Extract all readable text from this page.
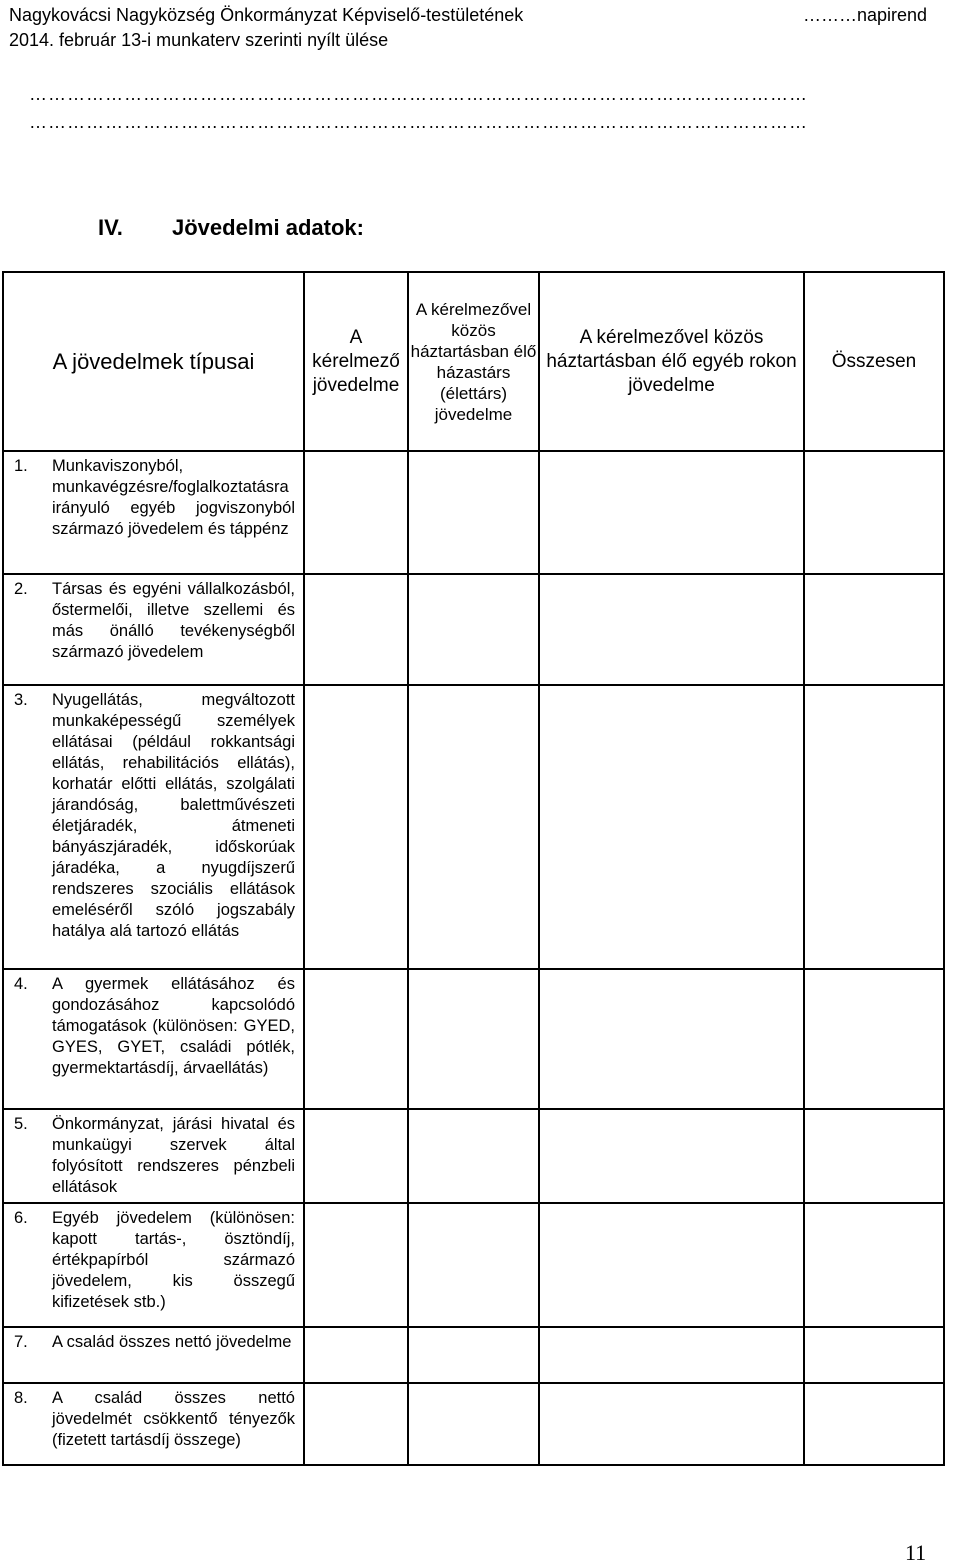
Nagykovácsi Nagyközség Önkormányzat Képviselő-testületének	………napirend
2014. február 13-i munkaterv szerinti nyílt ülése
……………………………………………………………………………………………………………
……………………………………………………………………………………………………………
IV. Jövedelmi adatok:
A jövedelmek típusai	A kérelmező jövedelme	A kérelmezővel közös háztartásban élő házastárs (élettárs) jövedelme	A kérelmezővel közös háztartásban élő egyéb rokon jövedelme	Összesen

1. Munkaviszonyból, munkavégzésre/foglalkoztatásra irányuló egyéb jogviszonyból származó jövedelem és táppénz				

2. Társas és egyéni vállalkozásból, őstermelői, illetve szellemi és más önálló tevékenységből származó jövedelem				

3. Nyugellátás, megváltozott munkaképességű személyek ellátásai (például rokkantsági ellátás, rehabilitációs ellátás), korhatár előtti ellátás, szolgálati járandóság, balettművészeti életjáradék, átmeneti bányászjáradék, időskorúak járadéka, a nyugdíjszerű rendszeres szociális ellátások emeléséről szóló jogszabály hatálya alá tartozó ellátás				

4. A gyermek ellátásához és gondozásához kapcsolódó támogatások (különösen: GYED, GYES, GYET, családi pótlék, gyermektartásdíj, árvaellátás)				

5. Önkormányzat, járási hivatal és munkaügyi szervek által folyósított rendszeres pénzbeli ellátások				

6. Egyéb jövedelem (különösen: kapott tartás-, ösztöndíj, értékpapírból származó jövedelem, kis összegű kifizetések stb.)				

7. A család összes nettó jövedelme				

8. A család összes nettó jövedelmét csökkentő tényezők (fizetett tartásdíj összege)				

11
